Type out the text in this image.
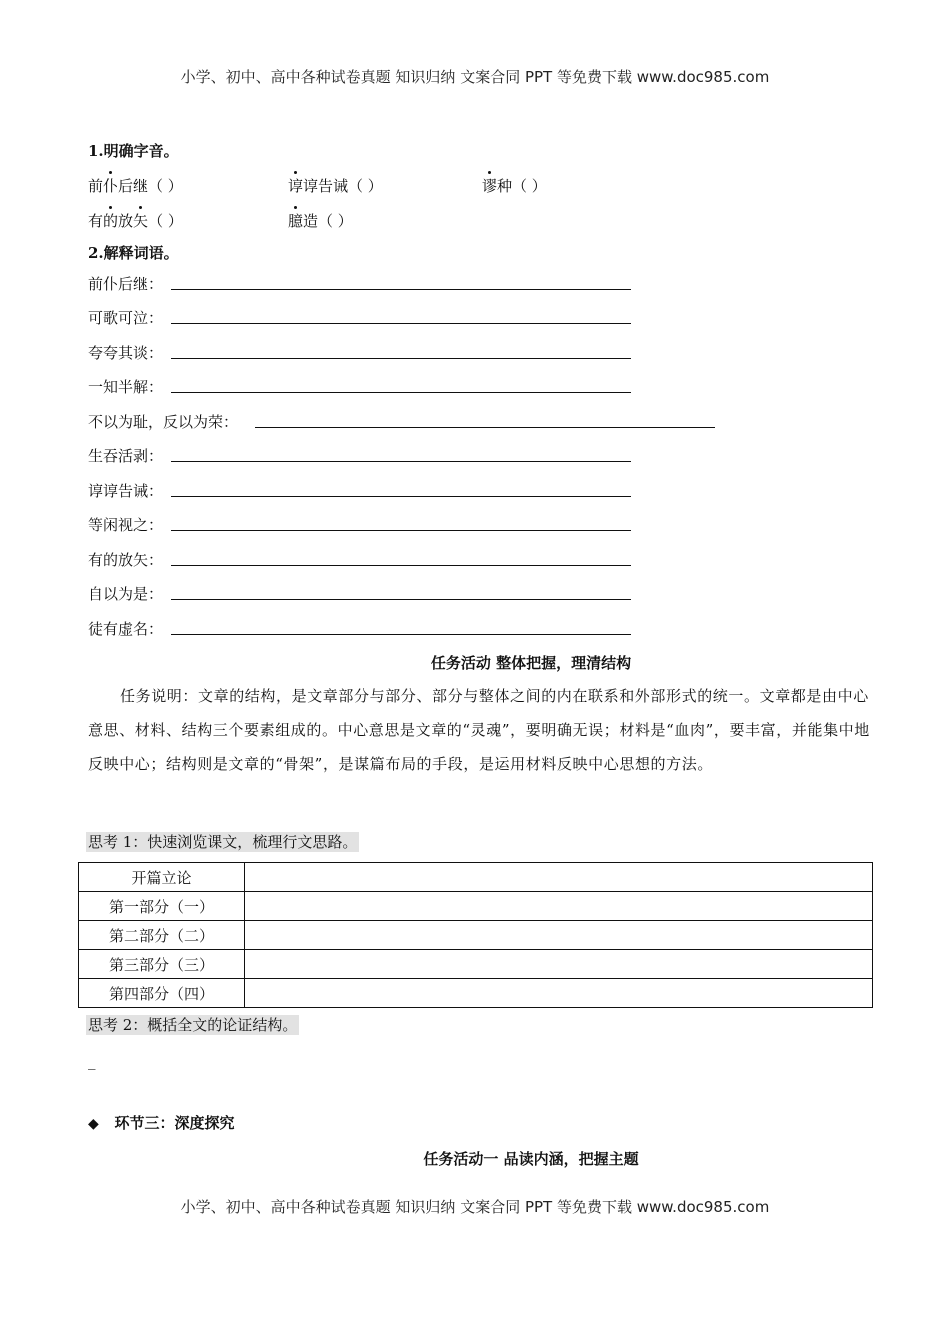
小学、初中、高中各种试卷真题 知识归纳 文案合同 PPT 等免费下载 www.doc985.com
1.明确字音。
前仆后继（ ）	谆谆告诫（ ）	谬种（ ）
有的放矢（ ）	臆造（ ）
2.解释词语。
前仆后继：
可歌可泣：
夸夸其谈：
一知半解：
不以为耻，反以为荣：
生吞活剥：
谆谆告诫：
等闲视之：
有的放矢：
自以为是：
徒有虚名：
任务活动 整体把握，理清结构
任务说明：文章的结构，是文章部分与部分、部分与整体之间的内在联系和外部形式的统一。文章都是由中心意思、材料、结构三个要素组成的。中心意思是文章的“灵魂”，要明确无误；材料是“血肉”，要丰富，并能集中地反映中心；结构则是文章的“骨架”，是谋篇布局的手段，是运用材料反映中心思想的方法。
思考 1：快速浏览课文，梳理行文思路。
开篇立论	
第一部分（一）	
第二部分（二）	
第三部分（三）	
第四部分（四）	
思考 2：概括全文的论证结构。
_
◆ 环节三：深度探究
任务活动一 品读内涵，把握主题
小学、初中、高中各种试卷真题 知识归纳 文案合同 PPT 等免费下载 www.doc985.com
